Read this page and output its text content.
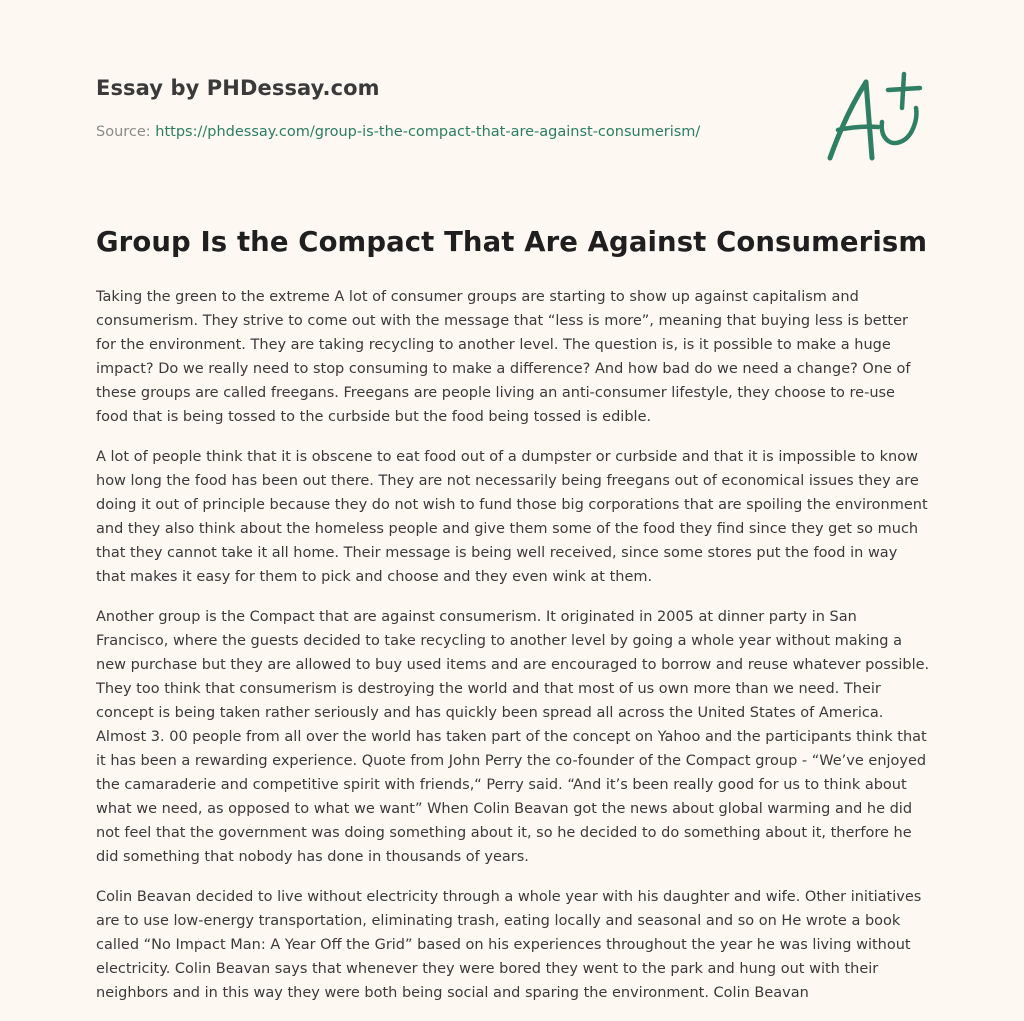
Essay by PHDessay.com
Source: https://phdessay.com/group-is-the-compact-that-are-against-consumerism/
Group Is the Compact That Are Against Consumerism

Taking the green to the extreme A lot of consumer groups are starting to show up against capitalism and consumerism. They strive to come out with the message that “less is more”, meaning that buying less is better for the environment. They are taking recycling to another level. The question is, is it possible to make a huge impact? Do we really need to stop consuming to make a difference? And how bad do we need a change? One of these groups are called freegans. Freegans are people living an anti-consumer lifestyle, they choose to re-use food that is being tossed to the curbside but the food being tossed is edible.

A lot of people think that it is obscene to eat food out of a dumpster or curbside and that it is impossible to know how long the food has been out there. They are not necessarily being freegans out of economical issues they are doing it out of principle because they do not wish to fund those big corporations that are spoiling the environment and they also think about the homeless people and give them some of the food they find since they get so much that they cannot take it all home. Their message is being well received, since some stores put the food in way that makes it easy for them to pick and choose and they even wink at them.

Another group is the Compact that are against consumerism. It originated in 2005 at dinner party in San Francisco, where the guests decided to take recycling to another level by going a whole year without making a new purchase but they are allowed to buy used items and are encouraged to borrow and reuse whatever possible. They too think that consumerism is destroying the world and that most of us own more than we need. Their concept is being taken rather seriously and has quickly been spread all across the United States of America. Almost 3. 00 people from all over the world has taken part of the concept on Yahoo and the participants think that it has been a rewarding experience. Quote from John Perry the co-founder of the Compact group - “We’ve enjoyed the camaraderie and competitive spirit with friends,“ Perry said. “And it’s been really good for us to think about what we need, as opposed to what we want” When Colin Beavan got the news about global warming and he did not feel that the government was doing something about it, so he decided to do something about it, therfore he did something that nobody has done in thousands of years.

Colin Beavan decided to live without electricity through a whole year with his daughter and wife. Other initiatives are to use low-energy transportation, eliminating trash, eating locally and seasonal and so on He wrote a book called “No Impact Man: A Year Off the Grid” based on his experiences throughout the year he was living without electricity. Colin Beavan says that whenever they were bored they went to the park and hung out with their neighbors and in this way they were both being social and sparing the environment. Colin Beavan
